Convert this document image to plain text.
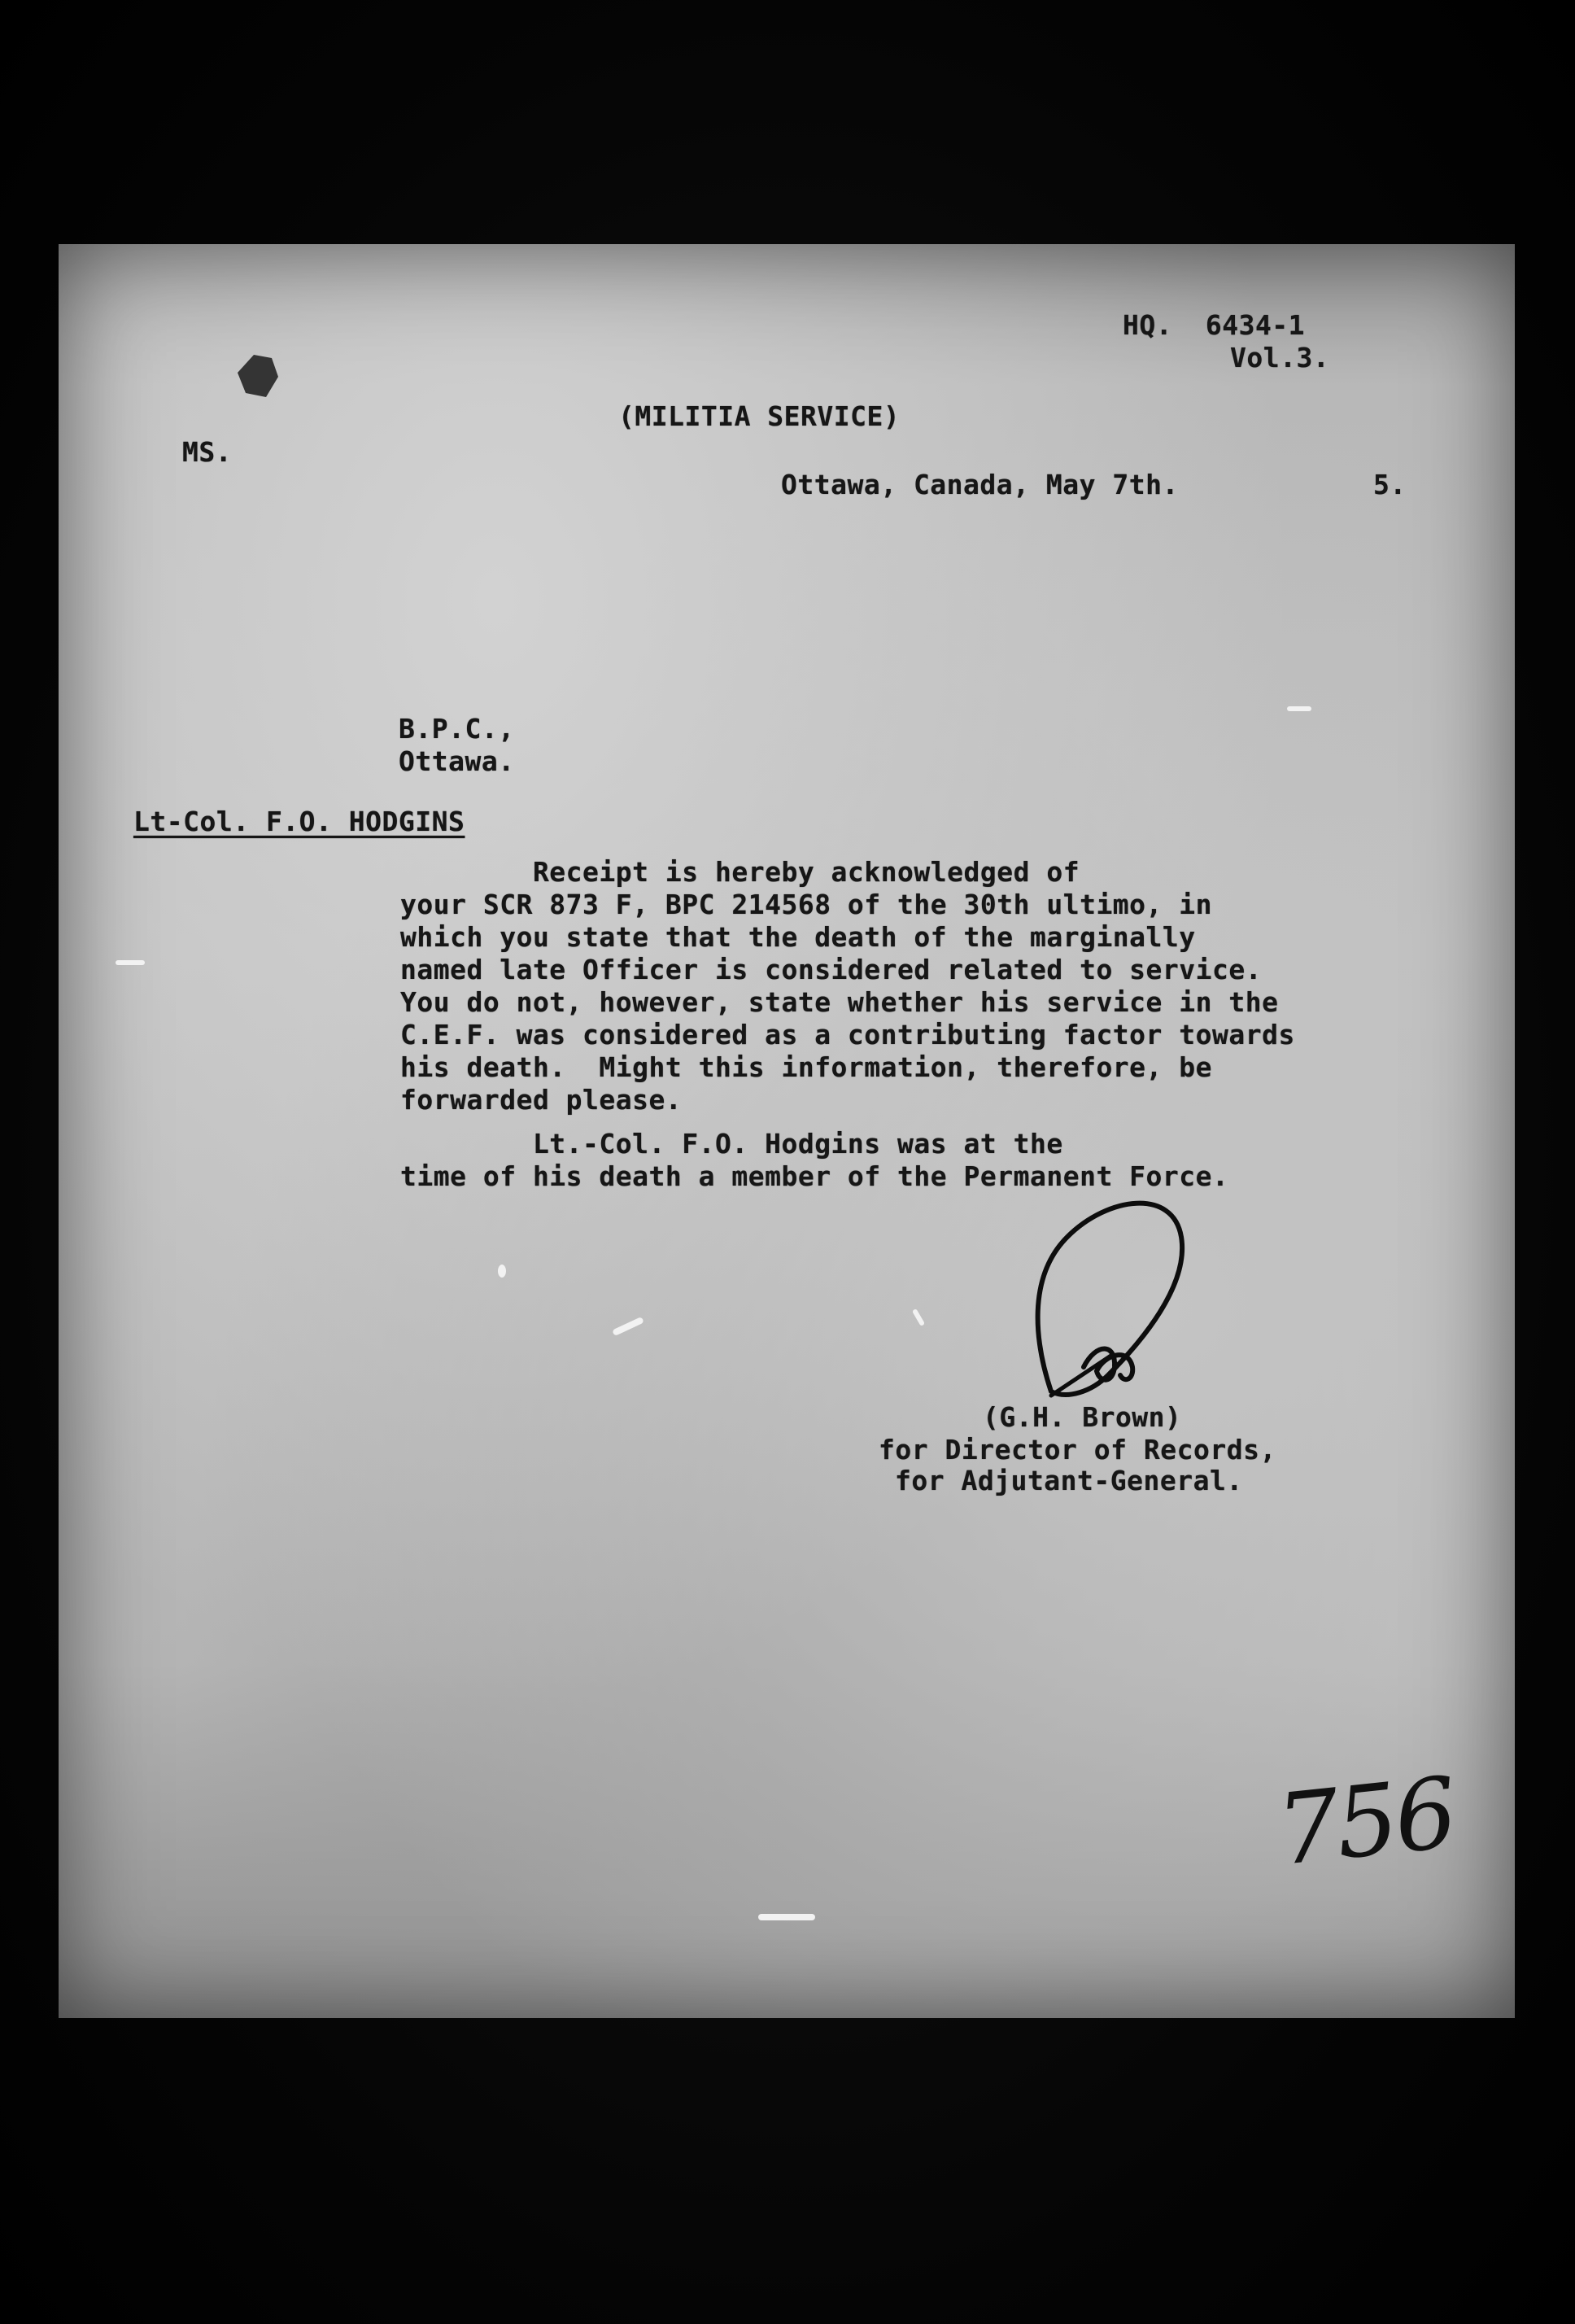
HQ.  6434-1
Vol.3.
(MILITIA SERVICE)
MS.
Ottawa, Canada, May 7th.	5.
B.P.C.,
Ottawa.
Lt-Col. F.O. HODGINS
Receipt is hereby acknowledged of
your SCR 873 F, BPC 214568 of the 30th ultimo, in
which you state that the death of the marginally
named late Officer is considered related to service.
You do not, however, state whether his service in the
C.E.F. was considered as a contributing factor towards
his death.  Might this information, therefore, be
forwarded please.
Lt.-Col. F.O. Hodgins was at the
time of his death a member of the Permanent Force.
(G.H. Brown)
for Director of Records,
for Adjutant-General.
756
